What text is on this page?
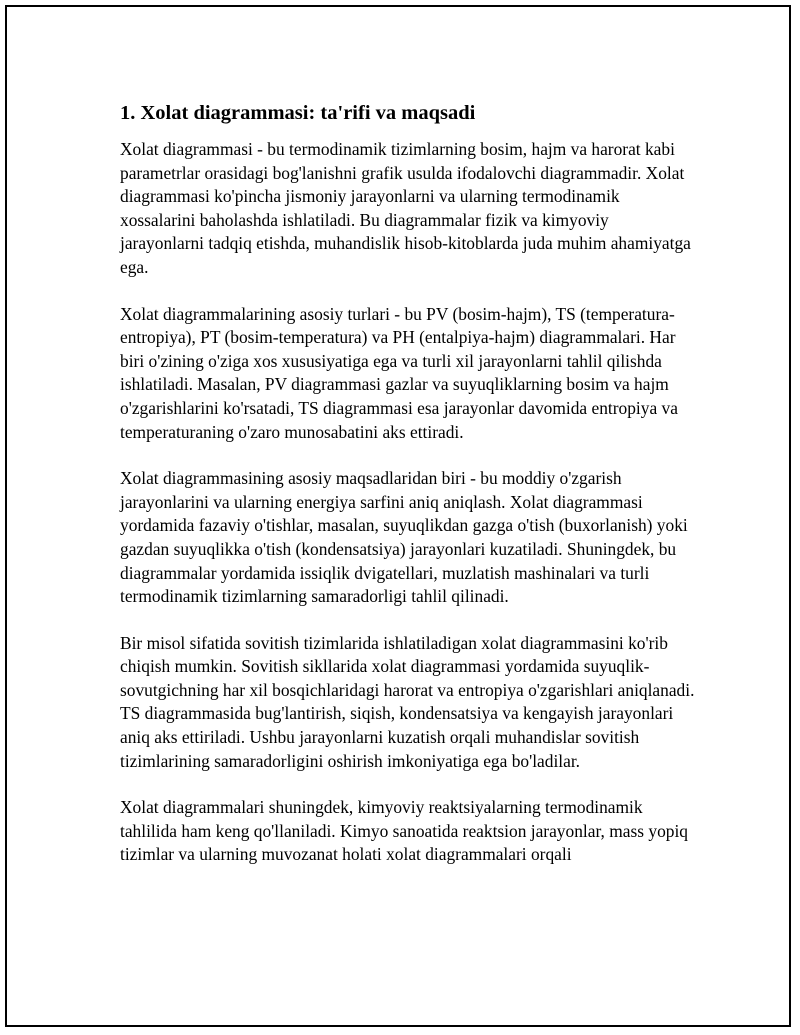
1. Xolat diagrammasi: ta'rifi va maqsadi

Xolat diagrammasi - bu termodinamik tizimlarning bosim, hajm va harorat kabi parametrlar orasidagi bog'lanishni grafik usulda ifodalovchi diagrammadir. Xolat diagrammasi ko'pincha jismoniy jarayonlarni va ularning termodinamik xossalarini baholashda ishlatiladi. Bu diagrammalar fizik va kimyoviy jarayonlarni tadqiq etishda, muhandislik hisob-kitoblarda juda muhim ahamiyatga ega.

Xolat diagrammalarining asosiy turlari - bu PV (bosim-hajm), TS (temperatura-entropiya), PT (bosim-temperatura) va PH (entalpiya-hajm) diagrammalari. Har biri o'zining o'ziga xos xususiyatiga ega va turli xil jarayonlarni tahlil qilishda ishlatiladi. Masalan, PV diagrammasi gazlar va suyuqliklarning bosim va hajm o'zgarishlarini ko'rsatadi, TS diagrammasi esa jarayonlar davomida entropiya va temperaturaning o'zaro munosabatini aks ettiradi.

Xolat diagrammasining asosiy maqsadlaridan biri - bu moddiy o'zgarish jarayonlarini va ularning energiya sarfini aniq aniqlash. Xolat diagrammasi yordamida fazaviy o'tishlar, masalan, suyuqlikdan gazga o'tish (buxorlanish) yoki gazdan suyuqlikka o'tish (kondensatsiya) jarayonlari kuzatiladi. Shuningdek, bu diagrammalar yordamida issiqlik dvigatellari, muzlatish mashinalari va turli termodinamik tizimlarning samaradorligi tahlil qilinadi.

Bir misol sifatida sovitish tizimlarida ishlatiladigan xolat diagrammasini ko'rib chiqish mumkin. Sovitish sikllarida xolat diagrammasi yordamida suyuqlik-sovutgichning har xil bosqichlaridagi harorat va entropiya o'zgarishlari aniqlanadi. TS diagrammasida bug'lantirish, siqish, kondensatsiya va kengayish jarayonlari aniq aks ettiriladi. Ushbu jarayonlarni kuzatish orqali muhandislar sovitish tizimlarining samaradorligini oshirish imkoniyatiga ega bo'ladilar.

Xolat diagrammalari shuningdek, kimyoviy reaktsiyalarning termodinamik tahlilida ham keng qo'llaniladi. Kimyo sanoatida reaktsion jarayonlar, mass yopiq tizimlar va ularning muvozanat holati xolat diagrammalari orqali
